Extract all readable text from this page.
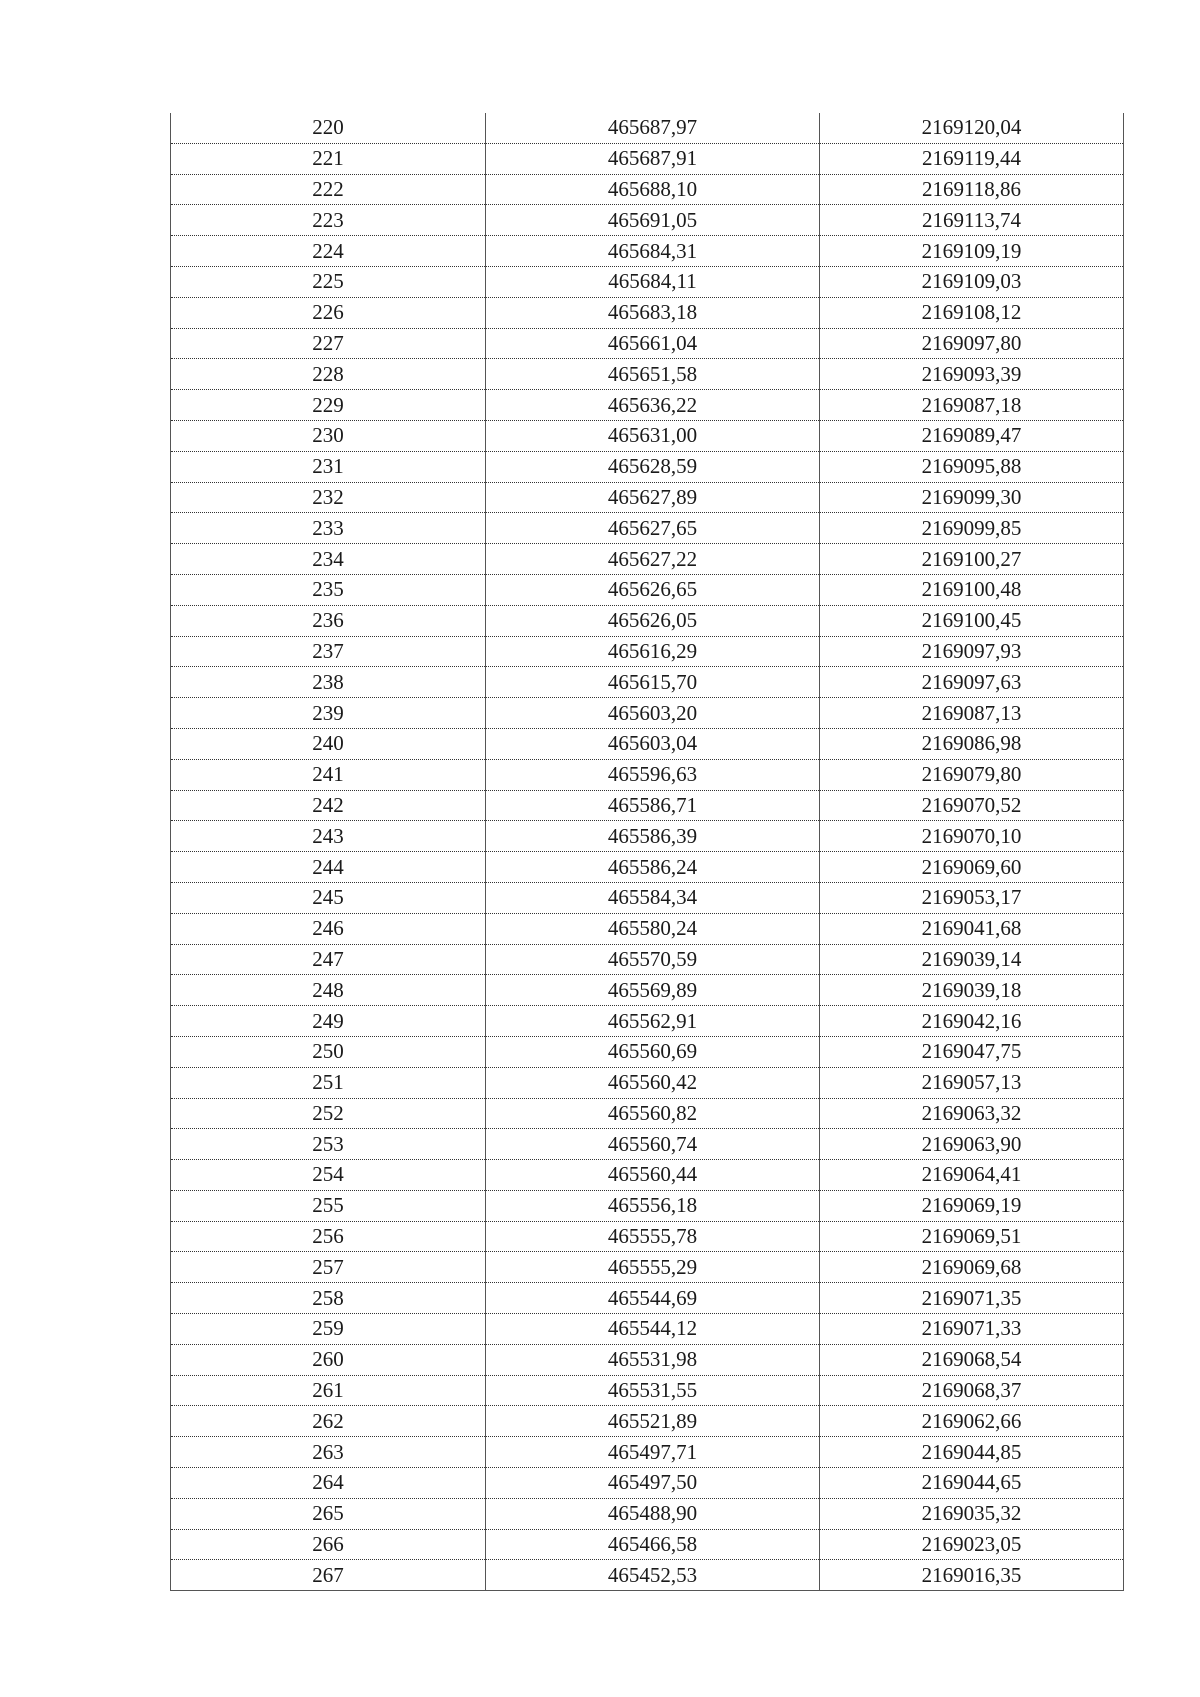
220	465687,97	2169120,04
221	465687,91	2169119,44
222	465688,10	2169118,86
223	465691,05	2169113,74
224	465684,31	2169109,19
225	465684,11	2169109,03
226	465683,18	2169108,12
227	465661,04	2169097,80
228	465651,58	2169093,39
229	465636,22	2169087,18
230	465631,00	2169089,47
231	465628,59	2169095,88
232	465627,89	2169099,30
233	465627,65	2169099,85
234	465627,22	2169100,27
235	465626,65	2169100,48
236	465626,05	2169100,45
237	465616,29	2169097,93
238	465615,70	2169097,63
239	465603,20	2169087,13
240	465603,04	2169086,98
241	465596,63	2169079,80
242	465586,71	2169070,52
243	465586,39	2169070,10
244	465586,24	2169069,60
245	465584,34	2169053,17
246	465580,24	2169041,68
247	465570,59	2169039,14
248	465569,89	2169039,18
249	465562,91	2169042,16
250	465560,69	2169047,75
251	465560,42	2169057,13
252	465560,82	2169063,32
253	465560,74	2169063,90
254	465560,44	2169064,41
255	465556,18	2169069,19
256	465555,78	2169069,51
257	465555,29	2169069,68
258	465544,69	2169071,35
259	465544,12	2169071,33
260	465531,98	2169068,54
261	465531,55	2169068,37
262	465521,89	2169062,66
263	465497,71	2169044,85
264	465497,50	2169044,65
265	465488,90	2169035,32
266	465466,58	2169023,05
267	465452,53	2169016,35
